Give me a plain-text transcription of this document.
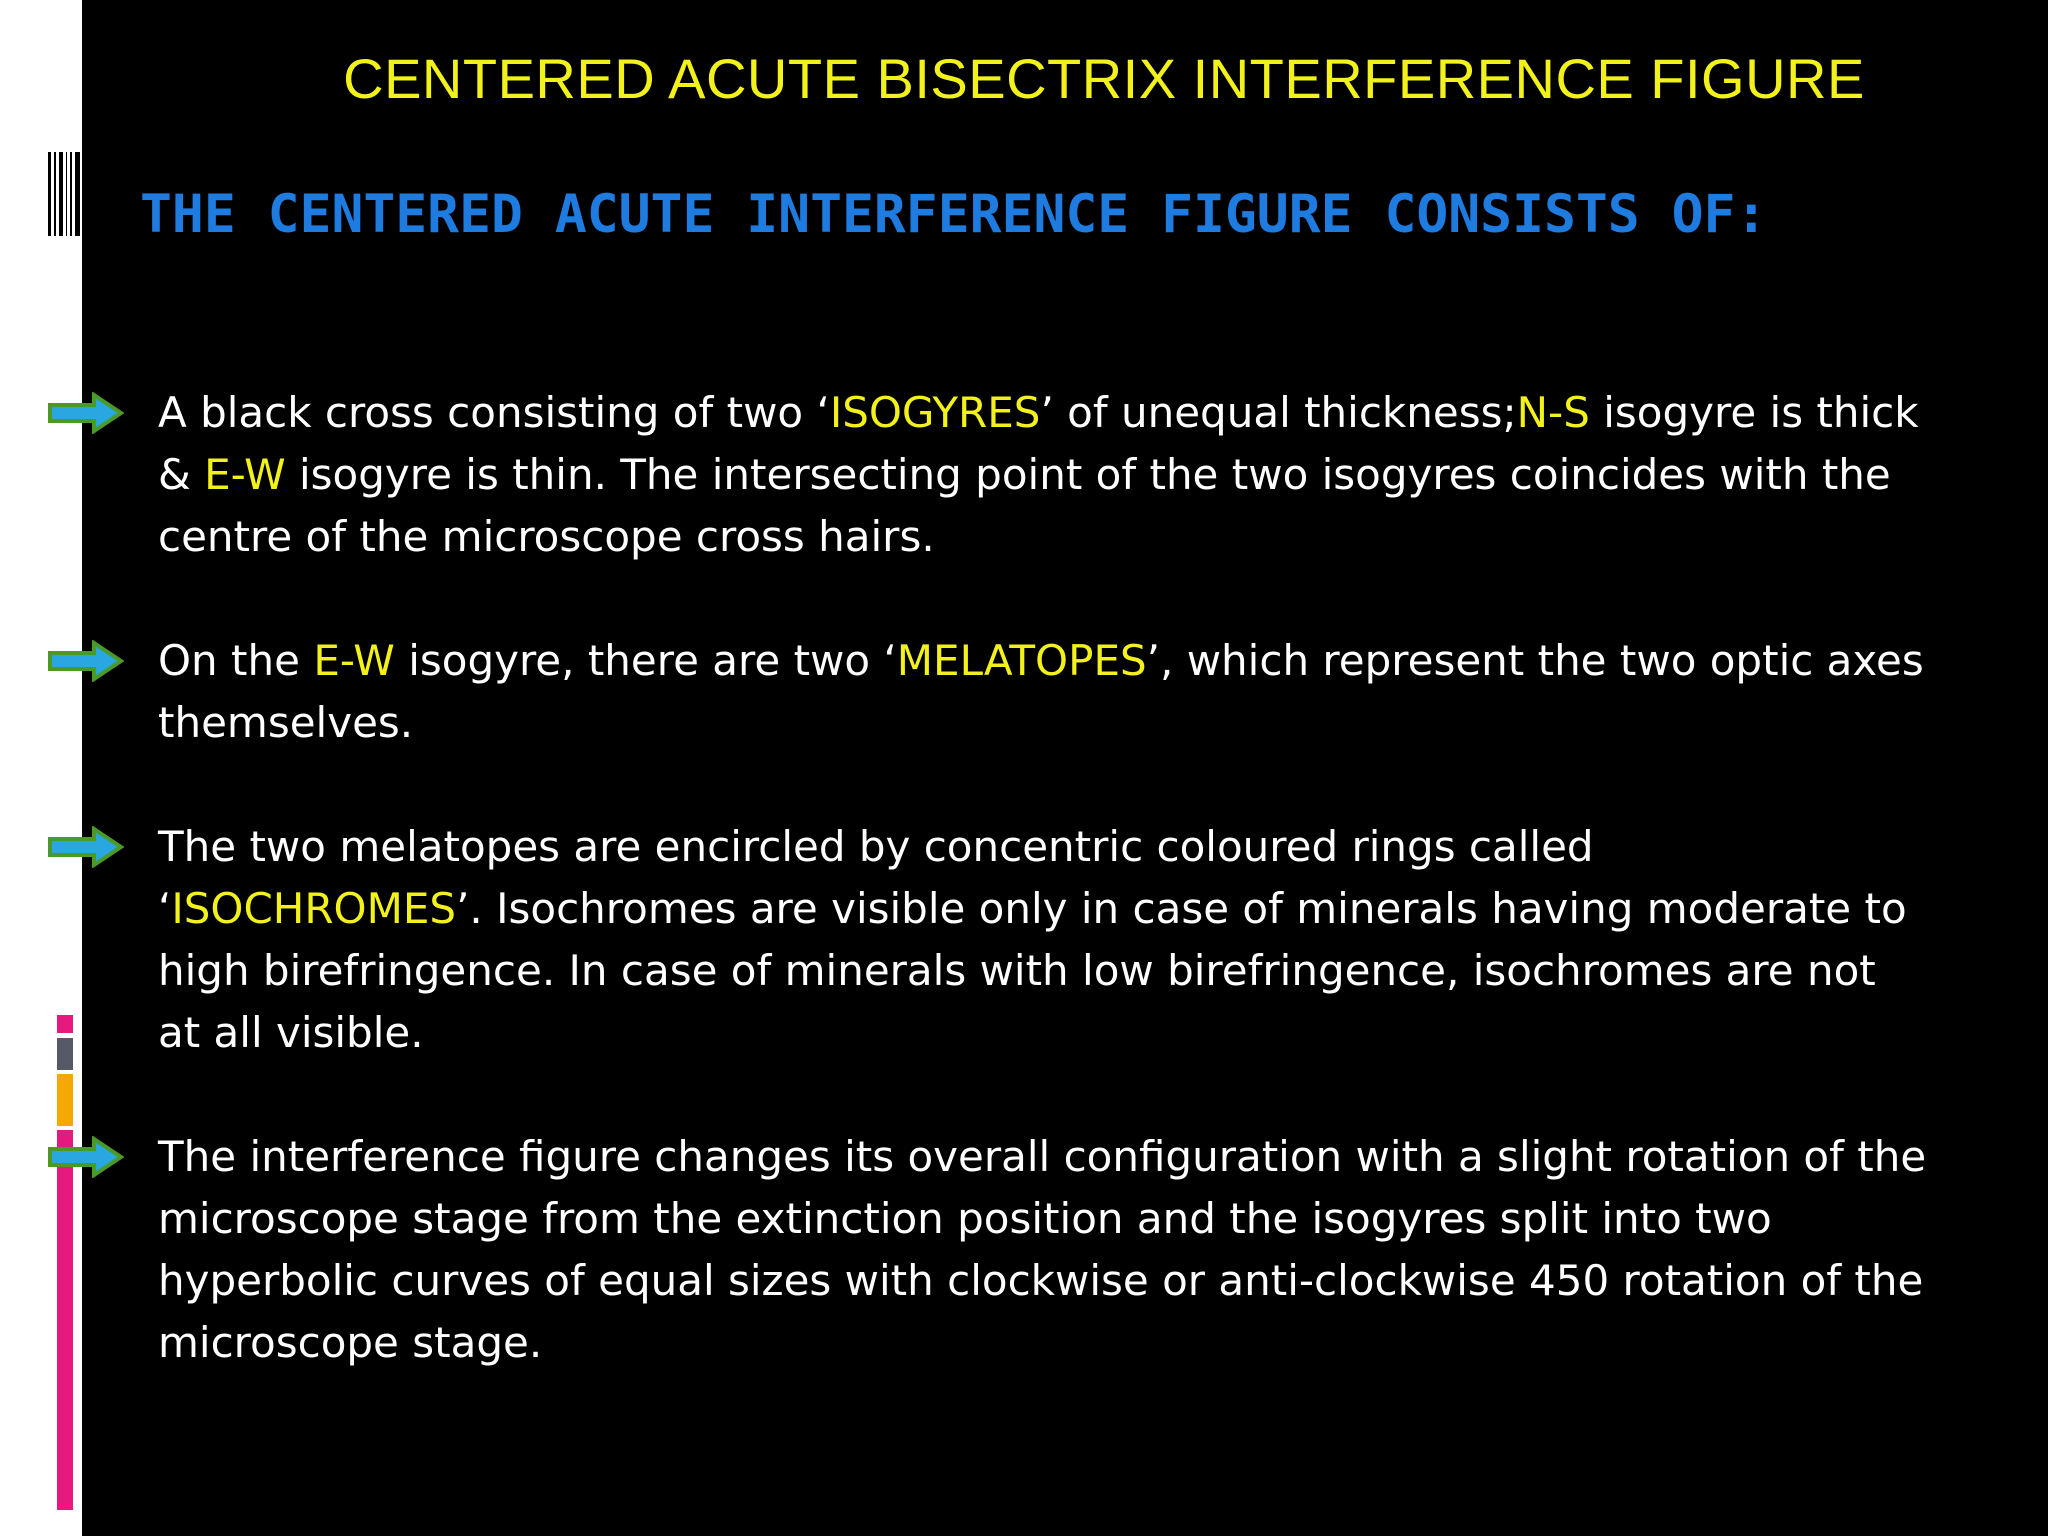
CENTERED ACUTE BISECTRIX INTERFERENCE FIGURE
THE CENTERED ACUTE INTERFERENCE FIGURE CONSISTS OF:
A black cross consisting of two ‘ISOGYRES’ of unequal thickness;N-S isogyre is thick & E-W isogyre is thin. The intersecting point of the two isogyres coincides with the centre of the microscope cross hairs.
On the E-W isogyre, there are two ‘MELATOPES’, which represent the two optic axes themselves.
The two melatopes are encircled by concentric coloured rings called ‘ISOCHROMES’. Isochromes are visible only in case of minerals having moderate to high birefringence. In case of minerals with low birefringence, isochromes are not at all visible.
The interference figure changes its overall configuration with a slight rotation of the microscope stage from the extinction position and the isogyres split into two hyperbolic curves of equal sizes with clockwise or anti-clockwise 450 rotation of the microscope stage.
